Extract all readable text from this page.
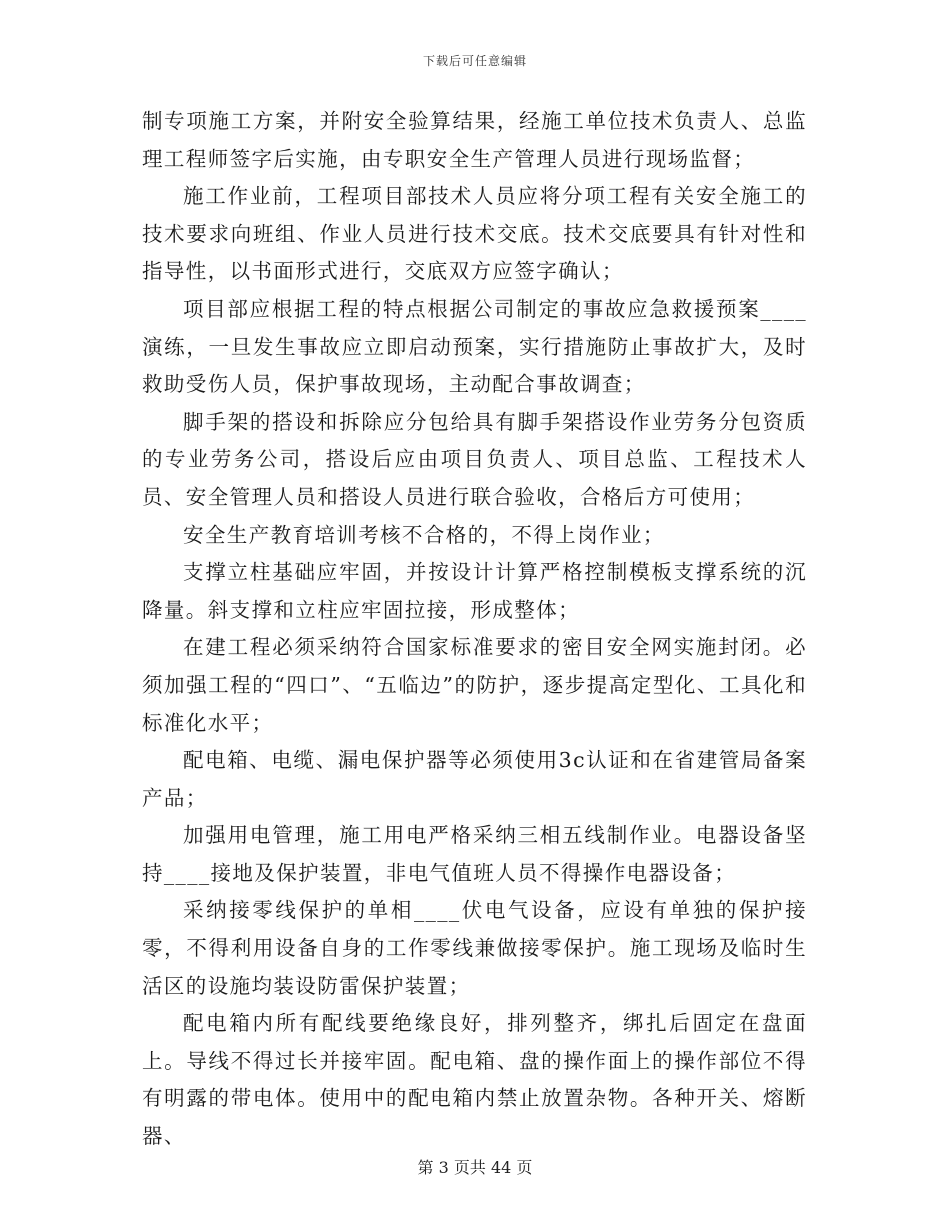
下载后可任意编辑

制专项施工方案，并附安全验算结果，经施工单位技术负责人、总监理工程师签字后实施，由专职安全生产管理人员进行现场监督；

施工作业前，工程项目部技术人员应将分项工程有关安全施工的技术要求向班组、作业人员进行技术交底。技术交底要具有针对性和指导性，以书面形式进行，交底双方应签字确认；

项目部应根据工程的特点根据公司制定的事故应急救援预案____演练，一旦发生事故应立即启动预案，实行措施防止事故扩大，及时救助受伤人员，保护事故现场，主动配合事故调查；

脚手架的搭设和拆除应分包给具有脚手架搭设作业劳务分包资质的专业劳务公司，搭设后应由项目负责人、项目总监、工程技术人员、安全管理人员和搭设人员进行联合验收，合格后方可使用；

安全生产教育培训考核不合格的，不得上岗作业；

支撑立柱基础应牢固，并按设计计算严格控制模板支撑系统的沉降量。斜支撑和立柱应牢固拉接，形成整体；

在建工程必须采纳符合国家标准要求的密目安全网实施封闭。必须加强工程的“四口”、“五临边”的防护，逐步提高定型化、工具化和标准化水平；

配电箱、电缆、漏电保护器等必须使用3c认证和在省建管局备案产品；

加强用电管理，施工用电严格采纳三相五线制作业。电器设备坚持____接地及保护装置，非电气值班人员不得操作电器设备；

采纳接零线保护的单相____伏电气设备，应设有单独的保护接零，不得利用设备自身的工作零线兼做接零保护。施工现场及临时生活区的设施均装设防雷保护装置；

配电箱内所有配线要绝缘良好，排列整齐，绑扎后固定在盘面上。导线不得过长并接牢固。配电箱、盘的操作面上的操作部位不得有明露的带电体。使用中的配电箱内禁止放置杂物。各种开关、熔断器、

第 3 页共 44 页
